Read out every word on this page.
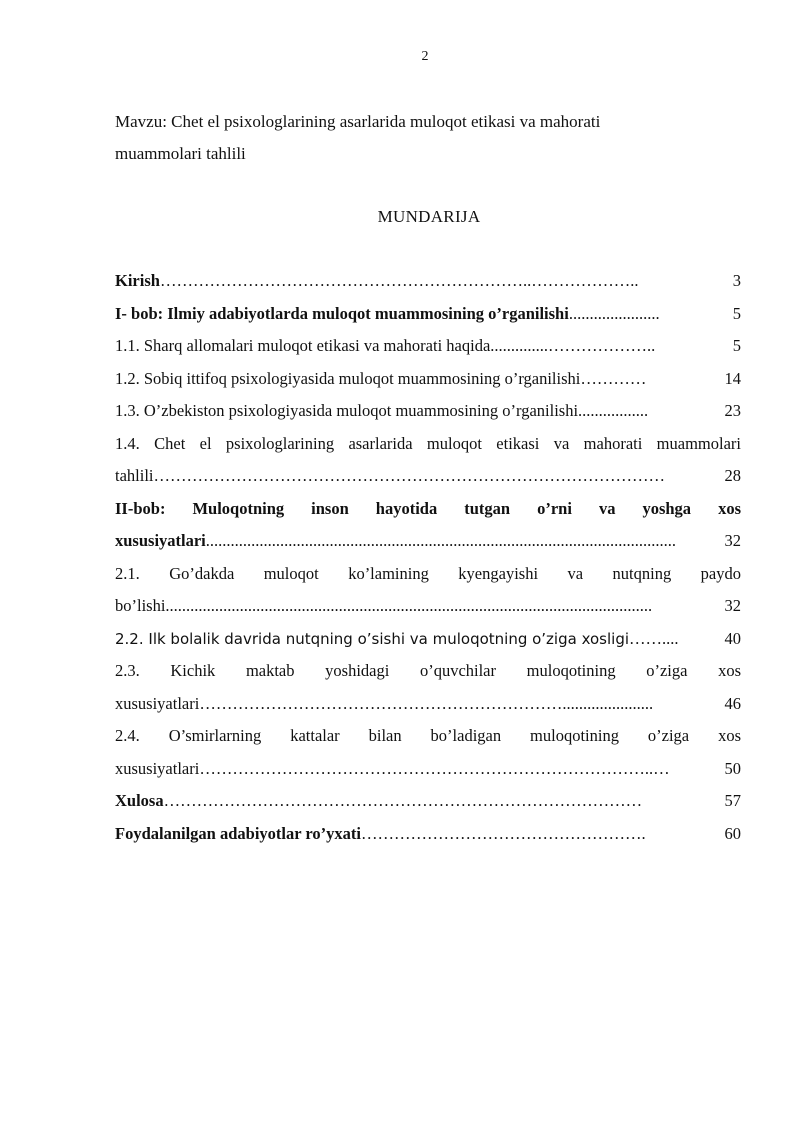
2
Mavzu: Chet el psixologlarining asarlarida muloqot etikasi va mahorati
muammolari tahlili
MUNDARIJA
Kirish …………………………………………………………..………………..	3
I- bob: Ilmiy adabiyotlarda muloqot muammosining o’rganilishi ......................	5
1.1. Sharq allomalari muloqot etikasi va mahorati haqida ..............………………..	5
1.2. Sobiq ittifoq psixologiyasida muloqot muammosining o’rganilishi …………	14
1.3. O’zbekiston psixologiyasida muloqot muammosining o’rganilishi .................	23
1.4. Chet el psixologlarining asarlarida muloqot etikasi va mahorati muammolari
tahlili …………………………………………………………………………………	28
II-bob: Muloqotning inson hayotida tutgan o’rni va yoshga xos
xususiyatlari ..................................................................................................................	32
2.1. Go’dakda muloqot ko’lamining kyengayishi va nutqning paydo
bo’lishi ......................................................................................................................	32
2.2. Ilk bolalik davrida nutqning o’sishi va muloqotning o’ziga xosligi ……....	40
2.3. Kichik maktab yoshidagi o’quvchilar muloqotining o’ziga xos
xususiyatlari …………………………………………………………......................	46
2.4. O’smirlarning kattalar bilan bo’ladigan muloqotining o’ziga xos
xususiyatlari ………………………………………………………………………..…	50
Xulosa ……………………………………………………………………………	57
Foydalanilgan adabiyotlar ro’yxati …………………………………………….	60
